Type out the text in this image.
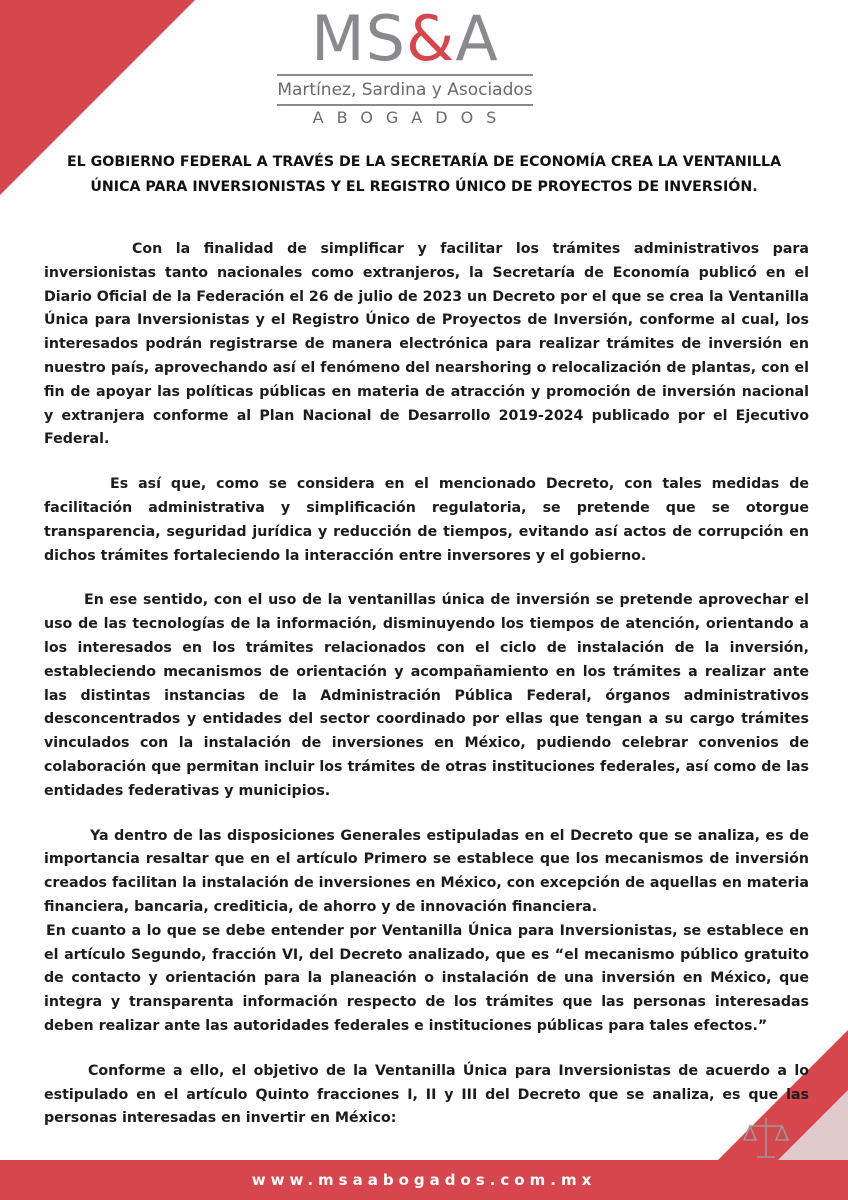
MS&A
Martínez, Sardina y Asociados
ABOGADOS
EL GOBIERNO FEDERAL A TRAVÉS DE LA SECRETARÍA DE ECONOMÍA CREA LA VENTANILLA ÚNICA PARA INVERSIONISTAS Y EL REGISTRO ÚNICO DE PROYECTOS DE INVERSIÓN.

Con la finalidad de simplificar y facilitar los trámites administrativos para inversionistas tanto nacionales como extranjeros, la Secretaría de Economía publicó en el Diario Oficial de la Federación el 26 de julio de 2023 un Decreto por el que se crea la Ventanilla Única para Inversionistas y el Registro Único de Proyectos de Inversión, conforme al cual, los interesados podrán registrarse de manera electrónica para realizar trámites de inversión en nuestro país, aprovechando así el fenómeno del nearshoring o relocalización de plantas, con el fin de apoyar las políticas públicas en materia de atracción y promoción de inversión nacional y extranjera conforme al Plan Nacional de Desarrollo 2019-2024 publicado por el Ejecutivo Federal.

Es así que, como se considera en el mencionado Decreto, con tales medidas de facilitación administrativa y simplificación regulatoria, se pretende que se otorgue transparencia, seguridad jurídica y reducción de tiempos, evitando así actos de corrupción en dichos trámites fortaleciendo la interacción entre inversores y el gobierno.

En ese sentido, con el uso de la ventanillas única de inversión se pretende aprovechar el uso de las tecnologías de la información, disminuyendo los tiempos de atención, orientando a los interesados en los trámites relacionados con el ciclo de instalación de la inversión, estableciendo mecanismos de orientación y acompañamiento en los trámites a realizar ante las distintas instancias de la Administración Pública Federal, órganos administrativos desconcentrados y entidades del sector coordinado por ellas que tengan a su cargo trámites vinculados con la instalación de inversiones en México, pudiendo celebrar convenios de colaboración que permitan incluir los trámites de otras instituciones federales, así como de las entidades federativas y municipios.

Ya dentro de las disposiciones Generales estipuladas en el Decreto que se analiza, es de importancia resaltar que en el artículo Primero se establece que los mecanismos de inversión creados facilitan la instalación de inversiones en México, con excepción de aquellas en materia financiera, bancaria, crediticia, de ahorro y de innovación financiera.

En cuanto a lo que se debe entender por Ventanilla Única para Inversionistas, se establece en el artículo Segundo, fracción VI, del Decreto analizado, que es “el mecanismo público gratuito de contacto y orientación para la planeación o instalación de una inversión en México, que integra y transparenta información respecto de los trámites que las personas interesadas deben realizar ante las autoridades federales e instituciones públicas para tales efectos.”

Conforme a ello, el objetivo de la Ventanilla Única para Inversionistas de acuerdo a lo estipulado en el artículo Quinto fracciones I, II y III del Decreto que se analiza, es que las personas interesadas en invertir en México:

www.msaabogados.com.mx
